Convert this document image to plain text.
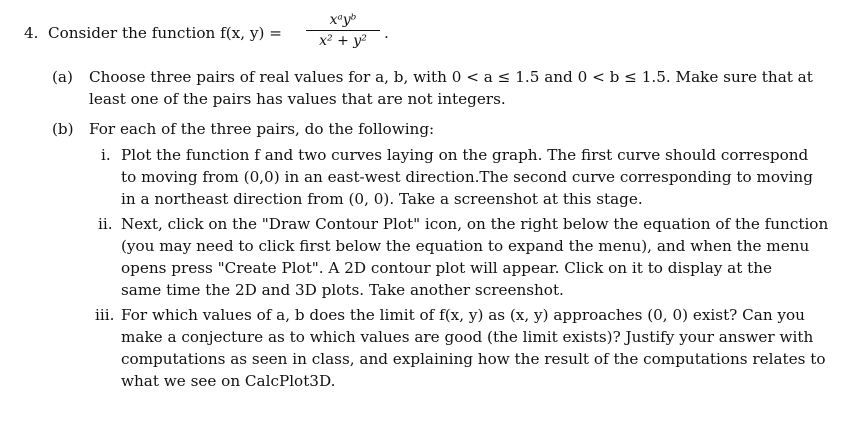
4. Consider the function f(x, y) =
xᵃyᵇ
x² + y²	.
(a) Choose three pairs of real values for a, b, with 0 < a ≤ 1.5 and 0 < b ≤ 1.5. Make sure that at
least one of the pairs has values that are not integers.
(b) For each of the three pairs, do the following:
i. Plot the function f and two curves laying on the graph. The first curve should correspond
to moving from (0,0) in an east-west direction.The second curve corresponding to moving
in a northeast direction from (0, 0). Take a screenshot at this stage.
ii. Next, click on the "Draw Contour Plot" icon, on the right below the equation of the function
(you may need to click first below the equation to expand the menu), and when the menu
opens press "Create Plot". A 2D contour plot will appear. Click on it to display at the
same time the 2D and 3D plots. Take another screenshot.
iii. For which values of a, b does the limit of f(x, y) as (x, y) approaches (0, 0) exist? Can you
make a conjecture as to which values are good (the limit exists)? Justify your answer with
computations as seen in class, and explaining how the result of the computations relates to
what we see on CalcPlot3D.
